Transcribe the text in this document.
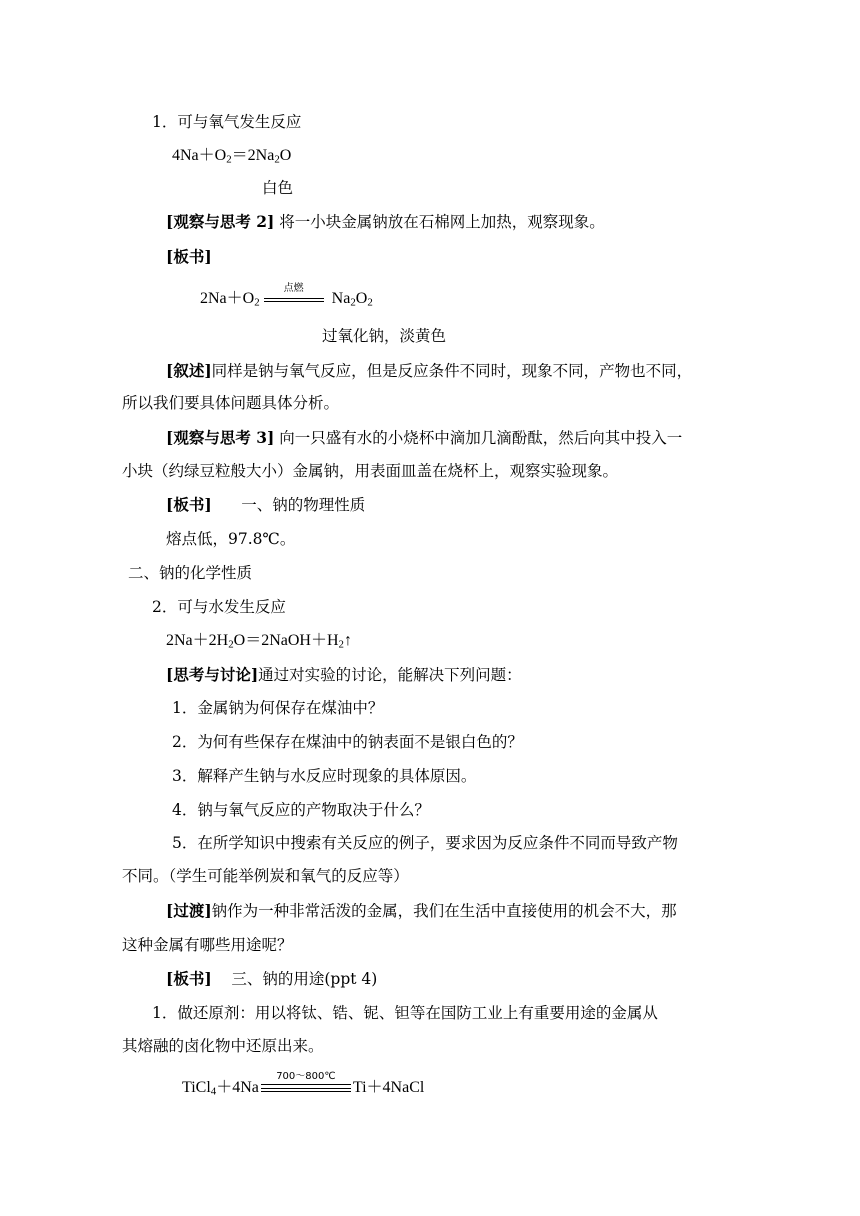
1．可与氧气发生反应
$4Na+O_2=2Na_2O$
白色
[观察与思考 2] 将一小块金属钠放在石棉网上加热，观察现象。
[板书]
$2Na+O_2$
点燃
$Na_2O_2$
过氧化钠，淡黄色
[叙述]同样是钠与氧气反应，但是反应条件不同时，现象不同，产物也不同，
所以我们要具体问题具体分析。
[观察与思考 3] 向一只盛有水的小烧杯中滴加几滴酚酞，然后向其中投入一
小块（约绿豆粒般大小）金属钠，用表面皿盖在烧杯上，观察实验现象。
[板书]      一、钠的物理性质
熔点低，97.8℃。
二、钠的化学性质
2．可与水发生反应
$2Na+2H_2O=2NaOH+H_2↑$
[思考与讨论]通过对实验的讨论，能解决下列问题：
1．金属钠为何保存在煤油中？
2．为何有些保存在煤油中的钠表面不是银白色的？
3．解释产生钠与水反应时现象的具体原因。
4．钠与氧气反应的产物取决于什么？
5．在所学知识中搜索有关反应的例子，要求因为反应条件不同而导致产物
不同。（学生可能举例炭和氧气的反应等）
[过渡]钠作为一种非常活泼的金属，我们在生活中直接使用的机会不大，那
这种金属有哪些用途呢？
[板书]    三、钠的用途(ppt 4)
1．做还原剂：用以将钛、锆、铌、钽等在国防工业上有重要用途的金属从
其熔融的卤化物中还原出来。
TiCl$_4$＋4Na
700～800℃
Ti＋4NaCl
